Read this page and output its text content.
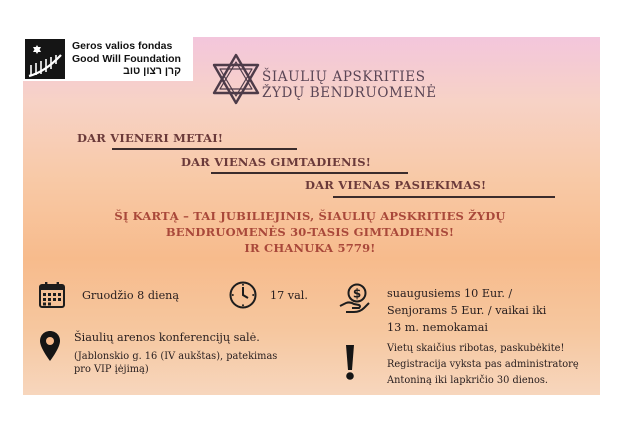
Geros valios fondas
Good Will Foundation
קרן רצון טוב	ŠIAULIŲ APSKRITIES
ŽYDŲ BENDRUOMENĖ
DAR VIENERI METAI!
DAR VIENAS GIMTADIENIS!
DAR VIENAS PASIEKIMAS!
ŠĮ KARTĄ – TAI JUBILIEJINIS, ŠIAULIŲ APSKRITIES ŽYDŲ
BENDRUOMENĖS 30-TASIS GIMTADIENIS!
IR CHANUKA 5779!
Gruodžio 8 dieną	17 val.	$ suaugusiems 10 Eur. /
Senjorams 5 Eur. / vaikai iki
13 m. nemokamai
Šiaulių arenos konferencijų salė.
(Jablonskio g. 16 (IV aukštas), patekimas
pro VIP įėjimą)
Vietų skaičius ribotas, paskubėkite!
Registracija vyksta pas administratorę
Antoniną iki lapkričio 30 dienos.
